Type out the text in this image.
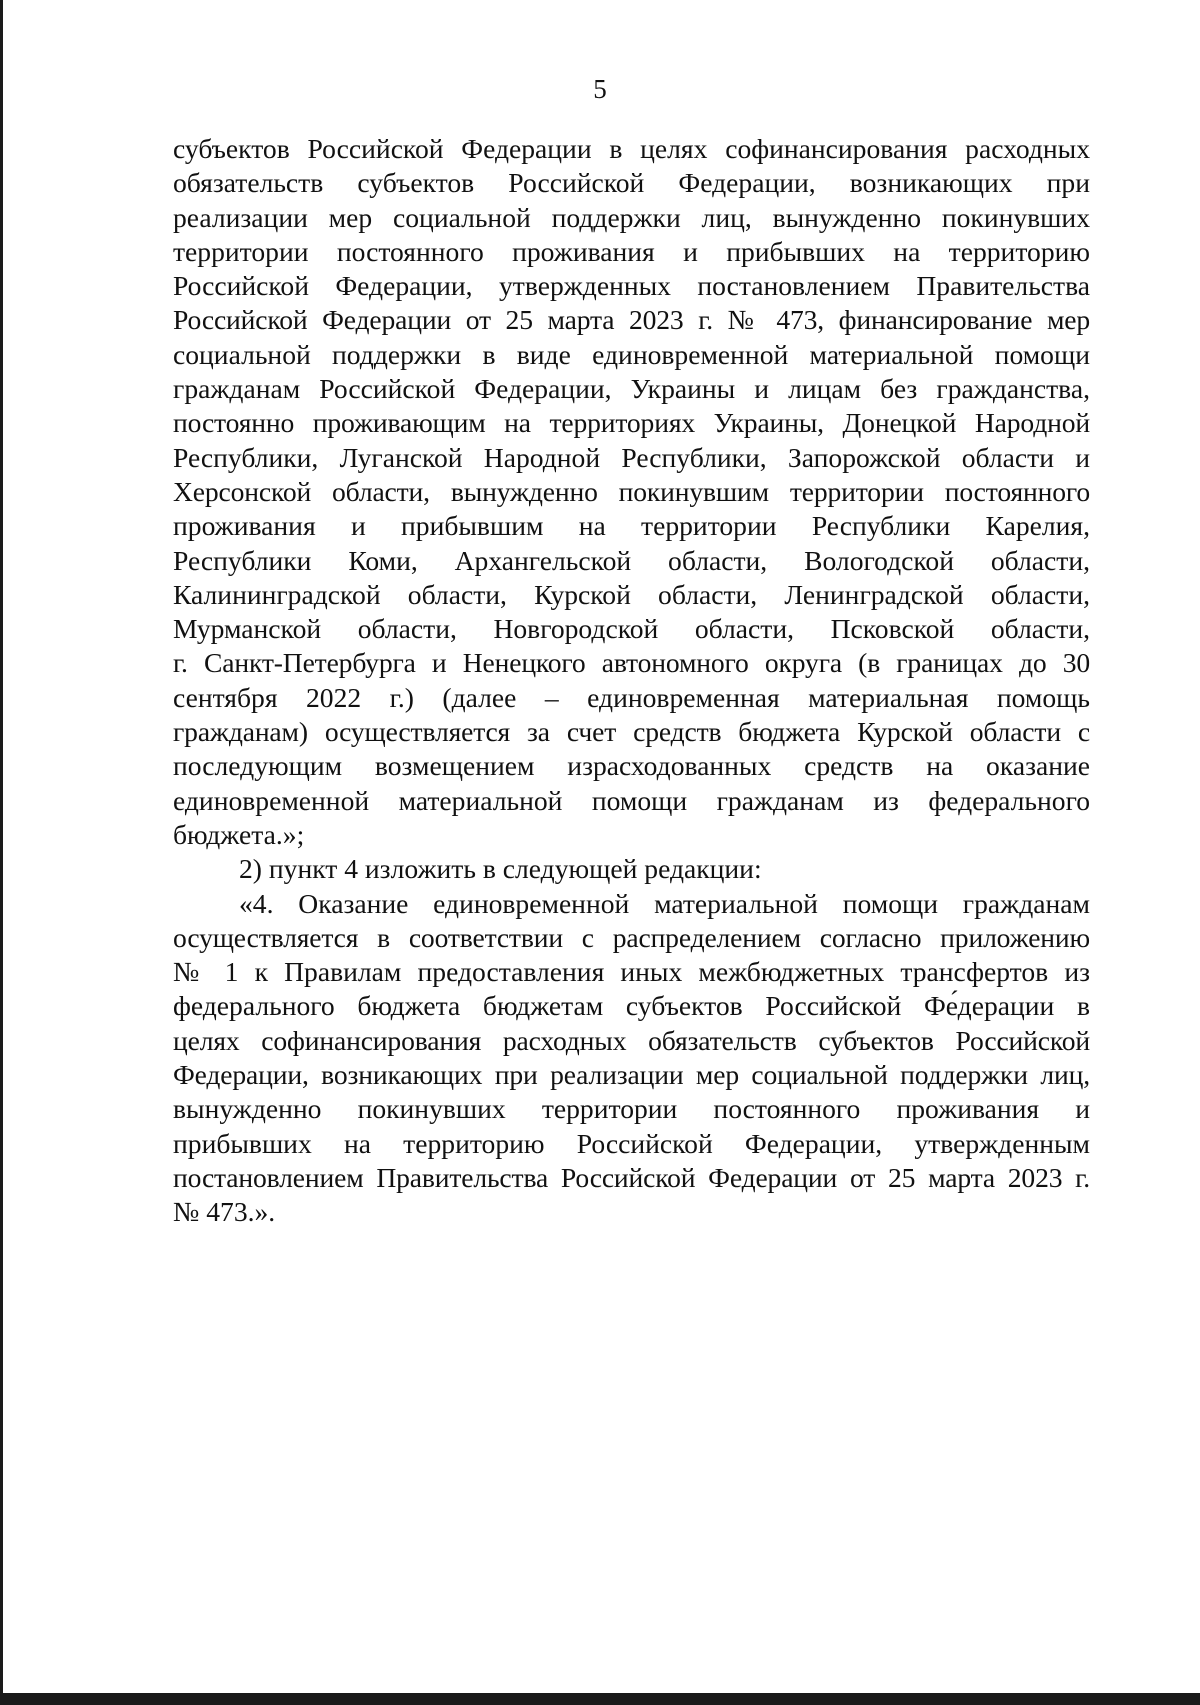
5
субъектов Российской Федерации в целях софинансирования расходных
обязательств субъектов Российской Федерации, возникающих при
реализации мер социальной поддержки лиц, вынужденно покинувших
территории постоянного проживания и прибывших на территорию
Российской Федерации, утвержденных постановлением Правительства
Российской Федерации от 25 марта 2023 г. № 473, финансирование мер
социальной поддержки в виде единовременной материальной помощи
гражданам Российской Федерации, Украины и лицам без гражданства,
постоянно проживающим на территориях Украины, Донецкой Народной
Республики, Луганской Народной Республики, Запорожской области и
Херсонской области, вынужденно покинувшим территории постоянного
проживания и прибывшим на территории Республики Карелия,
Республики Коми, Архангельской области, Вологодской области,
Калининградской области, Курской области, Ленинградской области,
Мурманской области, Новгородской области, Псковской области,
г. Санкт-Петербурга и Ненецкого автономного округа (в границах до 30
сентября 2022 г.) (далее – единовременная материальная помощь
гражданам) осуществляется за счет средств бюджета Курской области с
последующим возмещением израсходованных средств на оказание
единовременной материальной помощи гражданам из федерального
бюджета.»;
2) пункт 4 изложить в следующей редакции:
«4. Оказание единовременной материальной помощи гражданам
осуществляется в соответствии с распределением согласно приложению
№ 1 к Правилам предоставления иных межбюджетных трансфертов из
федерального бюджета бюджетам субъектов Российской Фе́дерации в
целях софинансирования расходных обязательств субъектов Российской
Федерации, возникающих при реализации мер социальной поддержки лиц,
вынужденно покинувших территории постоянного проживания и
прибывших на территорию Российской Федерации, утвержденным
постановлением Правительства Российской Федерации от 25 марта 2023 г.
№ 473.».
